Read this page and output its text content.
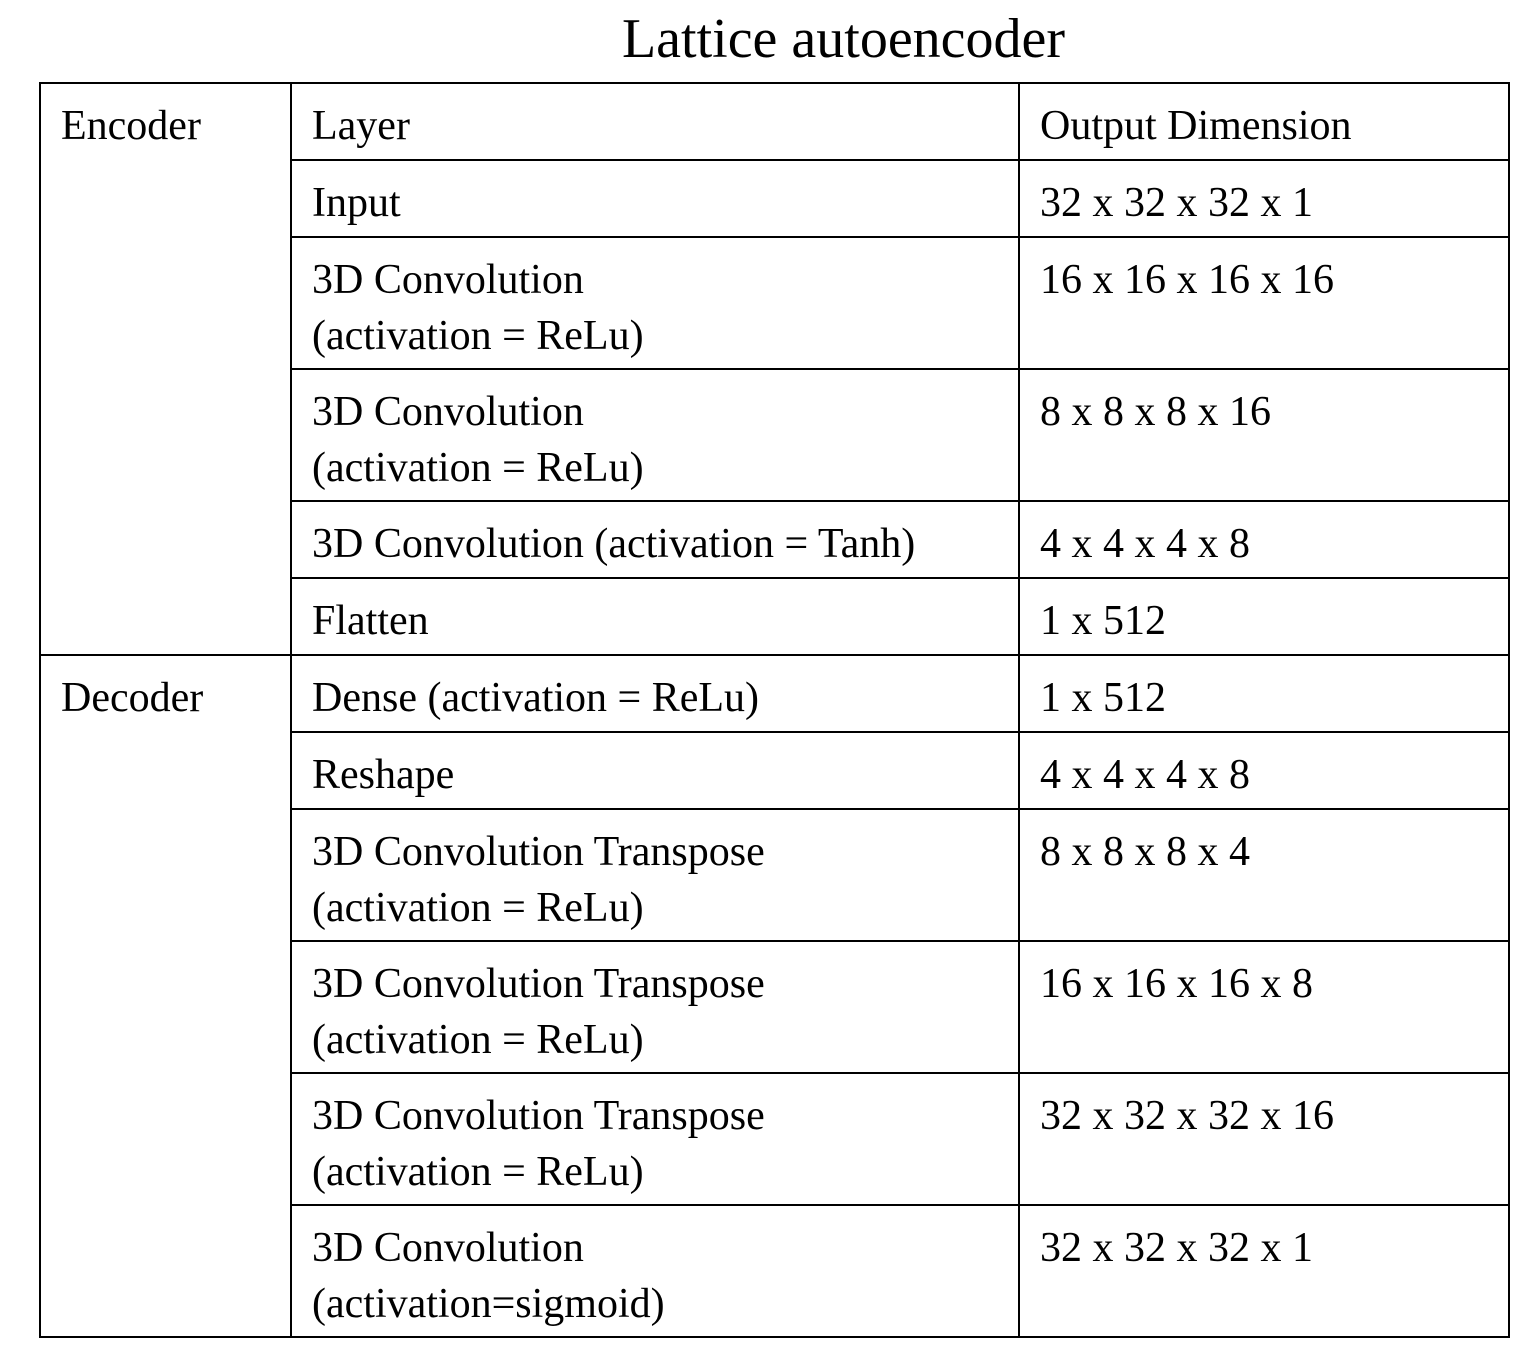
Lattice autoencoder
Encoder	Layer	Output Dimension

	Input	32 x 32 x 32 x 1

	3D Convolution
(activation = ReLu)	16 x 16 x 16 x 16

	3D Convolution
(activation = ReLu)	8 x 8 x 8 x 16

	3D Convolution (activation = Tanh)	4 x 4 x 4 x 8

	Flatten	1 x 512
Decoder	Dense (activation = ReLu)	1 x 512

	Reshape	4 x 4 x 4 x 8

	3D Convolution Transpose
(activation = ReLu)	8 x 8 x 8 x 4

	3D Convolution Transpose
(activation = ReLu)	16 x 16 x 16 x 8

	3D Convolution Transpose
(activation = ReLu)	32 x 32 x 32 x 16

	3D Convolution
(activation=sigmoid)	32 x 32 x 32 x 1
